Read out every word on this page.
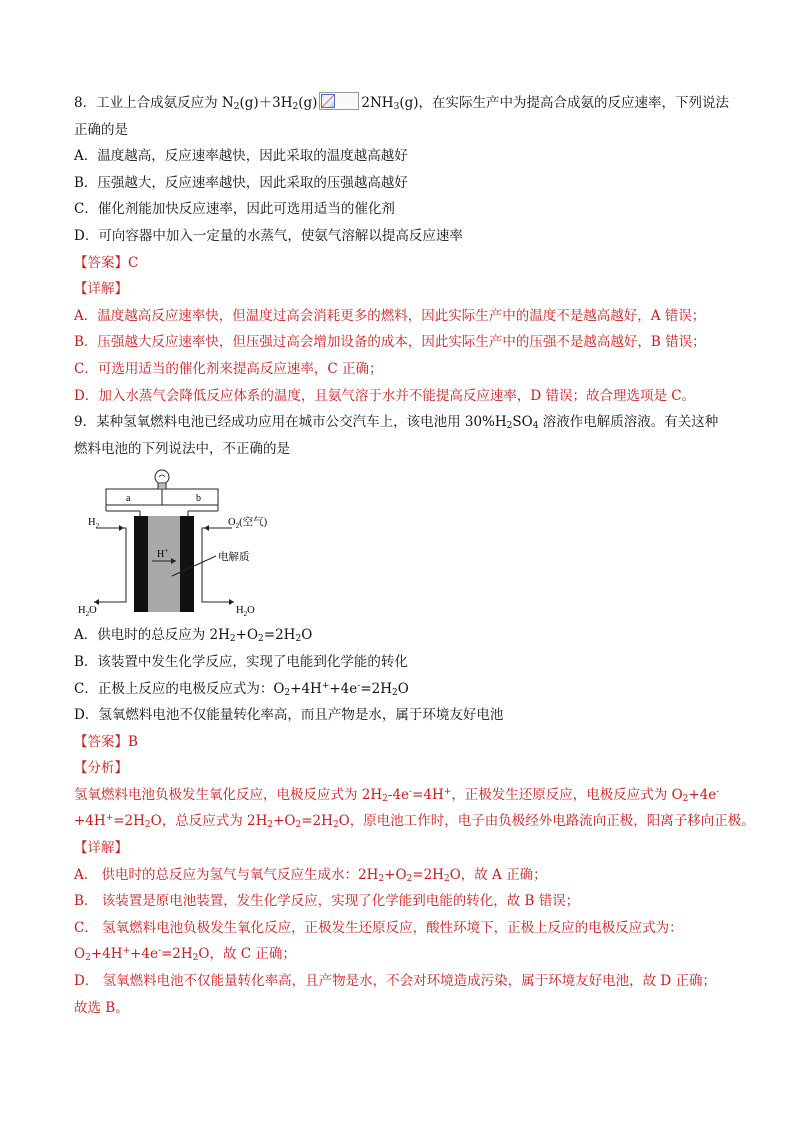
8．工业上合成氨反应为 $N_2(g)+3H_2(g)$	$2NH_3(g)$，在实际生产中为提高合成氨的反应速率，下列说法
正确的是
A．温度越高，反应速率越快，因此采取的温度越高越好
B．压强越大，反应速率越快，因此采取的压强越高越好
C．催化剂能加快反应速率，因此可选用适当的催化剂
D．可向容器中加入一定量的水蒸气，使氨气溶解以提高反应速率
【答案】C
【详解】
A．温度越高反应速率快，但温度过高会消耗更多的燃料，因此实际生产中的温度不是越高越好，A 错误；
B．压强越大反应速率快，但压强过高会增加设备的成本，因此实际生产中的压强不是越高越好，B 错误；
C．可选用适当的催化剂来提高反应速率，C 正确；
D．加入水蒸气会降低反应体系的温度，且氨气溶于水并不能提高反应速率，D 错误；故合理选项是 C。
9．某种氢氧燃料电池已经成功应用在城市公交汽车上，该电池用 $30\%H_2SO_4$ 溶液作电解质溶液。有关这种
燃料电池的下列说法中，不正确的是
a	b
$H_2$	$O_2$(空气)
H+	电解质
$H_2O$	$H_2O$
A．供电时的总反应为 $2H_2+O_2=2H_2O$
B．该装置中发生化学反应，实现了电能到化学能的转化
C．正极上反应的电极反应式为：$O_2+4H^++4e^-=2H_2O$
D．氢氧燃料电池不仅能量转化率高，而且产物是水，属于环境友好电池
【答案】B
【分析】
氢氧燃料电池负极发生氧化反应，电极反应式为 $2H_2-4e^-=4H^+$，正极发生还原反应，电极反应式为 $O_2+4e^-$
$+4H^+=2H_2O$，总反应式为 $2H_2+O_2=2H_2O$，原电池工作时，电子由负极经外电路流向正极，阳离子移向正极。
【详解】
A． 供电时的总反应为氢气与氧气反应生成水：$2H_2+O_2=2H_2O$，故 A 正确；
B． 该装置是原电池装置，发生化学反应，实现了化学能到电能的转化，故 B 错误；
C． 氢氧燃料电池负极发生氧化反应，正极发生还原反应，酸性环境下，正极上反应的电极反应式为：
$O_2+4H^++4e^-=2H_2O$，故 C 正确；
D． 氢氧燃料电池不仅能量转化率高，且产物是水，不会对环境造成污染，属于环境友好电池，故 D 正确；
故选 B。
